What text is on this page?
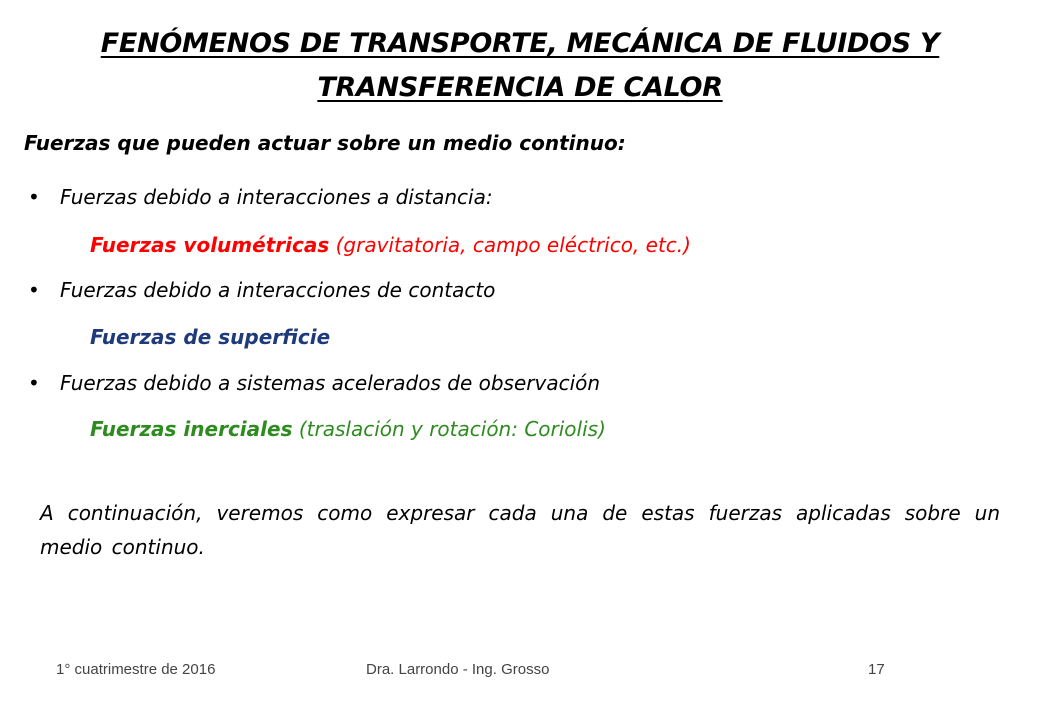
FENÓMENOS DE TRANSPORTE, MECÁNICA DE FLUIDOS Y
TRANSFERENCIA DE CALOR
Fuerzas que pueden actuar sobre un medio continuo:
• Fuerzas debido a interacciones a distancia:
Fuerzas volumétricas (gravitatoria, campo eléctrico, etc.)
• Fuerzas debido a interacciones de contacto
Fuerzas de superficie
• Fuerzas debido a sistemas acelerados de observación
Fuerzas inerciales (traslación y rotación: Coriolis)
A continuación, veremos como expresar cada una de estas fuerzas aplicadas sobre un medio continuo.
1° cuatrimestre de 2016	Dra. Larrondo - Ing. Grosso	17
